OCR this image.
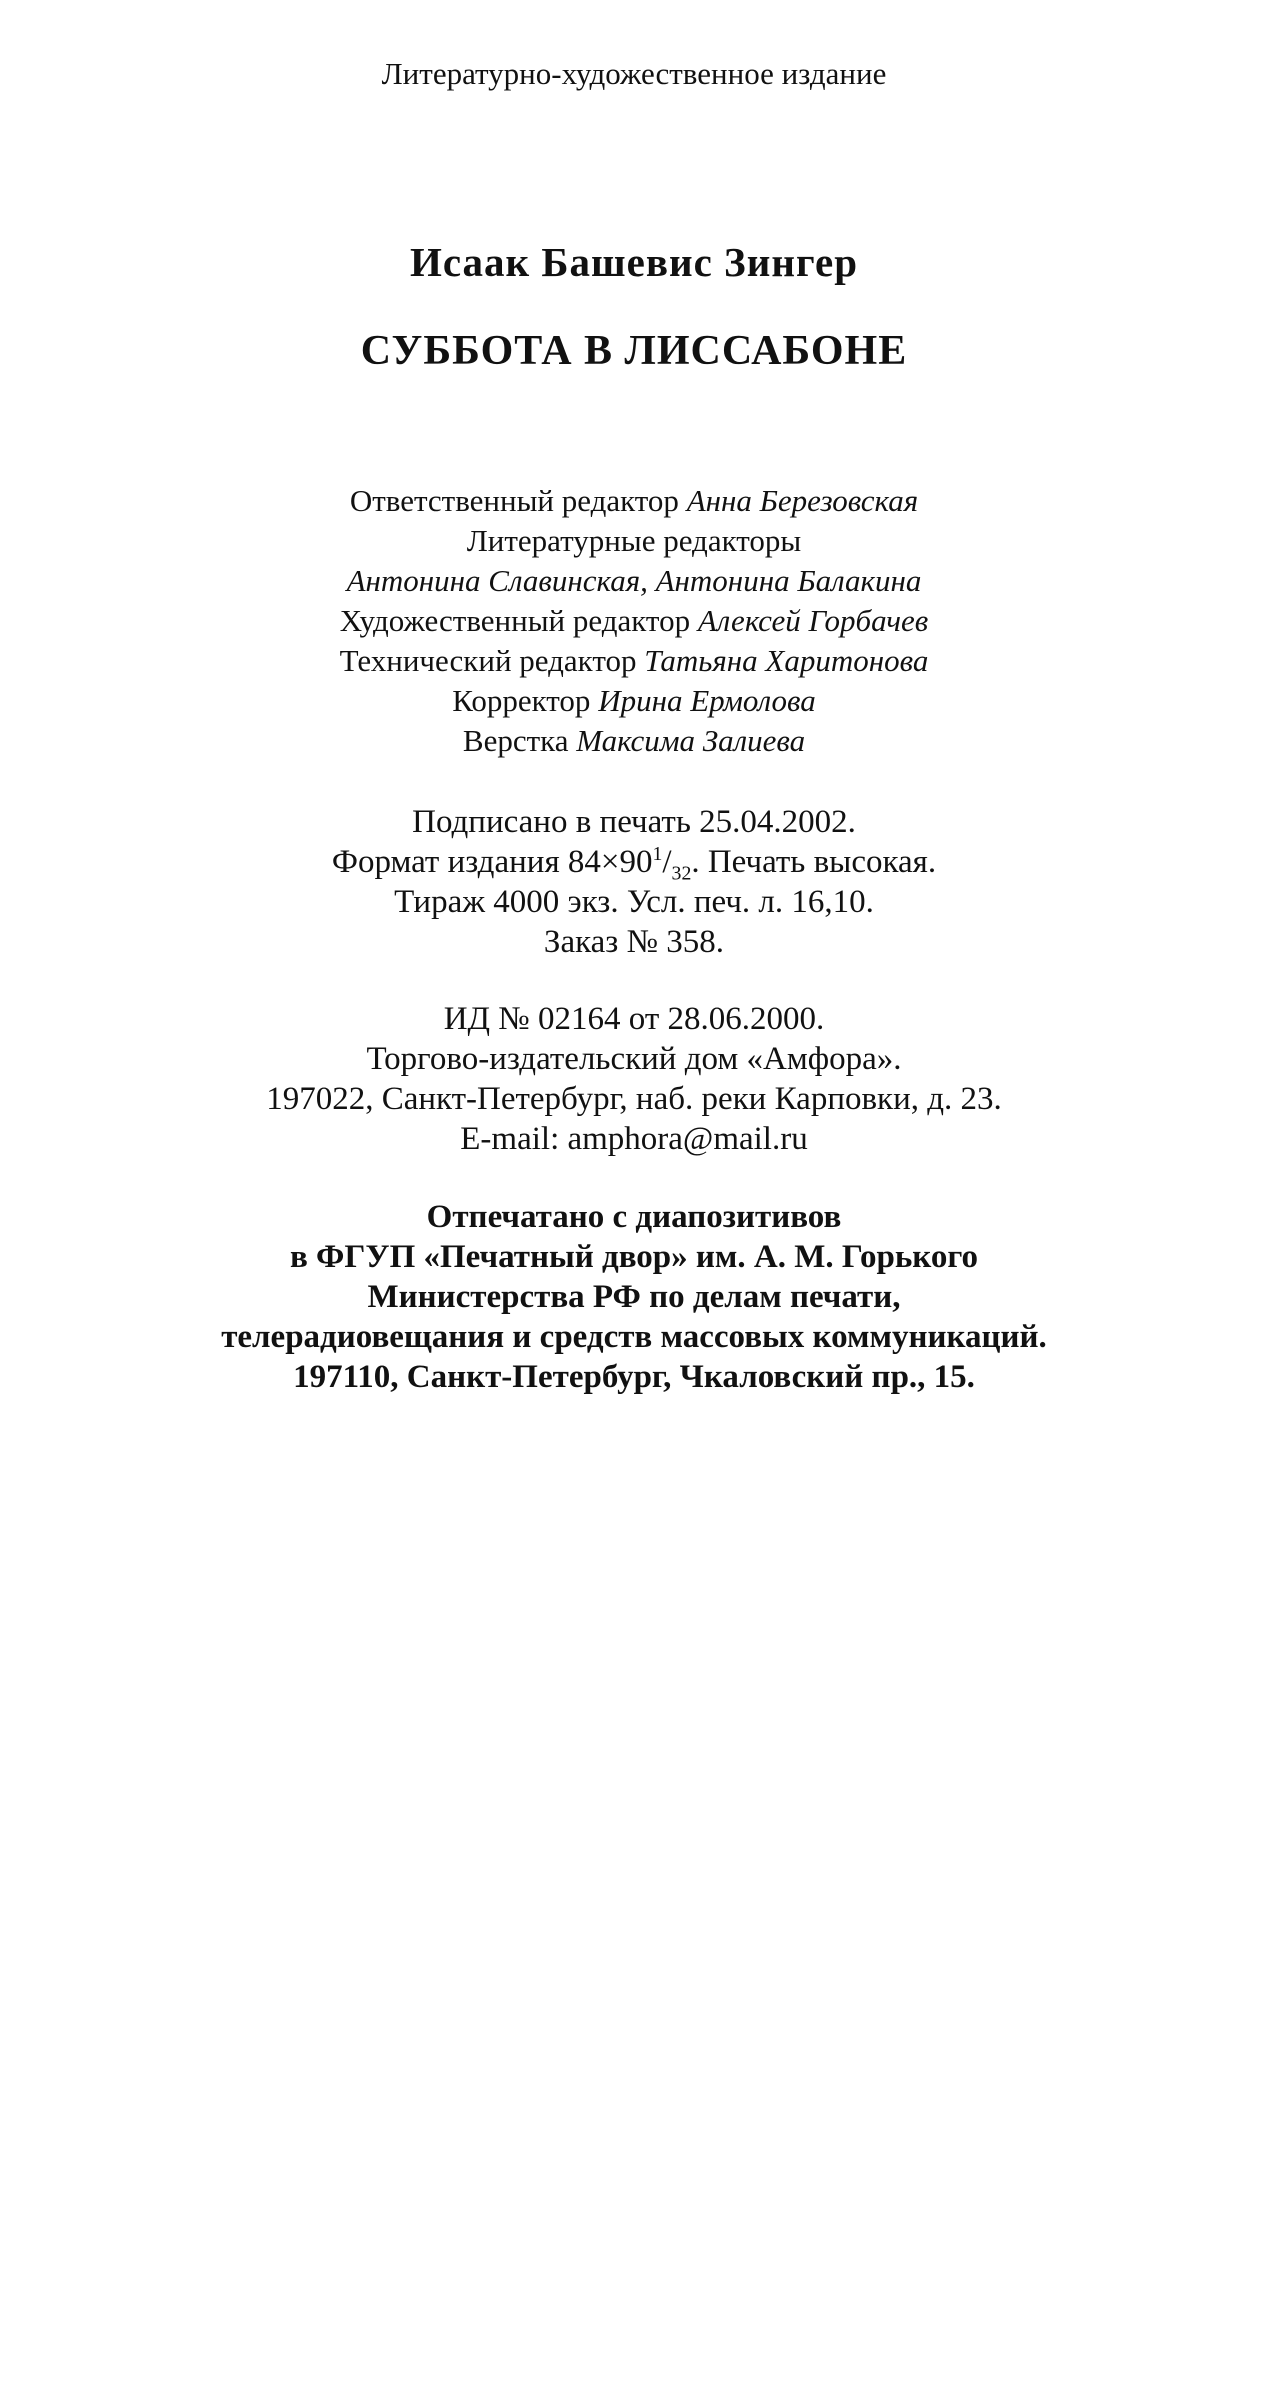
Литературно-художественное издание
Исаак Башевис Зингер
СУББОТА В ЛИССАБОНЕ
Ответственный редактор Анна Березовская
Литературные редакторы
Антонина Славинская, Антонина Балакина
Художественный редактор Алексей Горбачев
Технический редактор Татьяна Харитонова
Корректор Ирина Ермолова
Верстка Максима Залиева
Подписано в печать 25.04.2002.
Формат издания $84\times 90^1/_{32}$. Печать высокая.
Тираж 4000 экз. Усл. печ. л. 16,10.
Заказ № 358.
ИД № 02164 от 28.06.2000.
Торгово-издательский дом «Амфора».
197022, Санкт-Петербург, наб. реки Карповки, д. 23.
E-mail: amphora@mail.ru
Отпечатано с диапозитивов
в ФГУП «Печатный двор» им. А. М. Горького
Министерства РФ по делам печати,
телерадиовещания и средств массовых коммуникаций.
197110, Санкт-Петербург, Чкаловский пр., 15.
